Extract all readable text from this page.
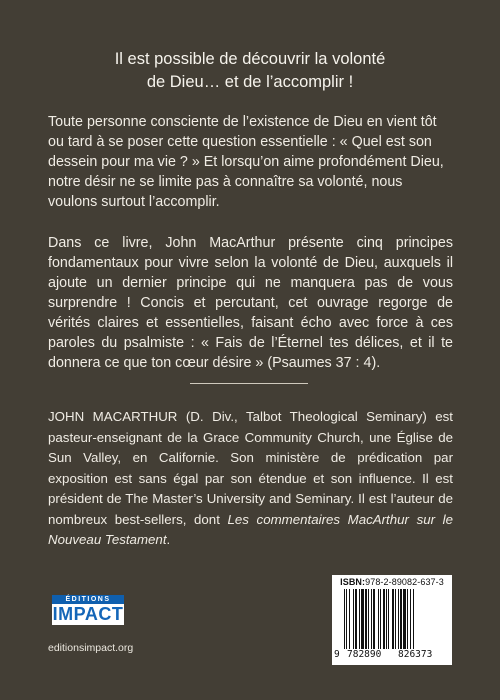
Il est possible de découvrir la volonté
de Dieu… et de l’accomplir !
Toute personne consciente de l’existence de Dieu en vient tôt ou tard à se poser cette question essentielle : « Quel est son dessein pour ma vie ? » Et lorsqu’on aime profondément Dieu, notre désir ne se limite pas à connaître sa volonté, nous voulons surtout l’accomplir.
Dans ce livre, John MacArthur présente cinq principes fondamentaux pour vivre selon la volonté de Dieu, auxquels il ajoute un dernier principe qui ne manquera pas de vous surprendre ! Concis et percutant, cet ouvrage regorge de vérités claires et essentielles, faisant écho avec force à ces paroles du psalmiste : « Fais de l’Éternel tes délices, et il te donnera ce que ton cœur désire » (Psaumes 37 : 4).
JOHN MACARTHUR (D. Div., Talbot Theological Seminary) est pasteur-enseignant de la Grace Community Church, une Église de Sun Valley, en Californie. Son ministère de prédication par exposition est sans égal par son étendue et son influence. Il est président de The Master’s University and Seminary. Il est l’auteur de nombreux best-sellers, dont Les commentaires MacArthur sur le Nouveau Testament.
ISBN:978-2-89082-637-3
9 782890 826373
ÉDITIONS
IMPACT
editionsimpact.org
